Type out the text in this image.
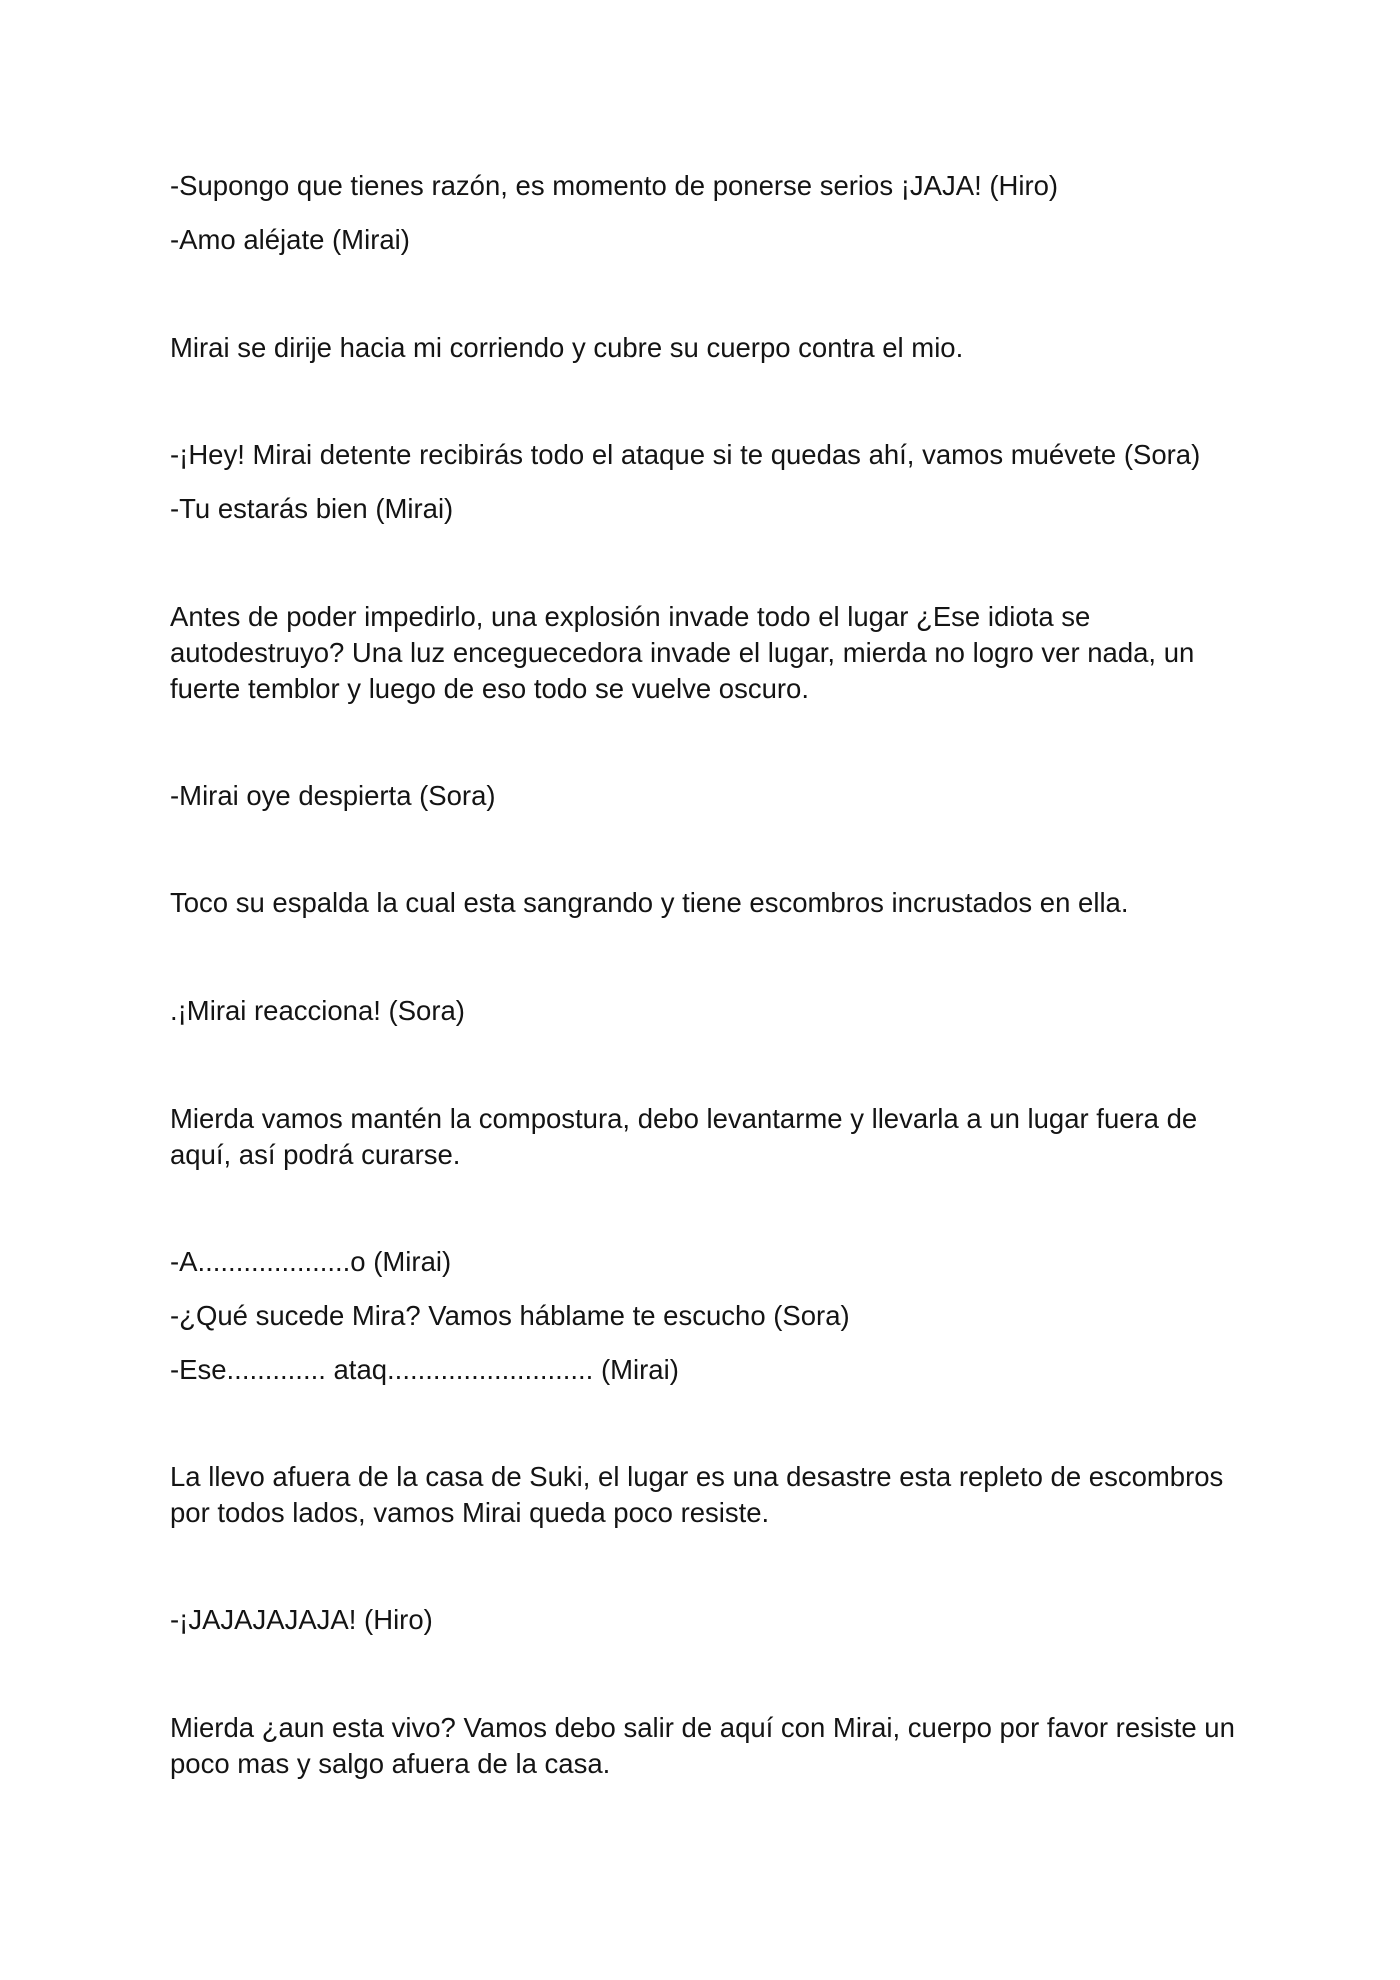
-Supongo que tienes razón, es momento de ponerse serios ¡JAJA! (Hiro)

-Amo aléjate (Mirai)

Mirai se dirije hacia mi corriendo y cubre su cuerpo contra el mio.

-¡Hey! Mirai detente recibirás todo el ataque si te quedas ahí, vamos muévete (Sora)

-Tu estarás bien (Mirai)

Antes de poder impedirlo, una explosión invade todo el lugar ¿Ese idiota se autodestruyo? Una luz enceguecedora invade el lugar, mierda no logro ver nada, un fuerte temblor y luego de eso todo se vuelve oscuro.

-Mirai oye despierta (Sora)

Toco su espalda la cual esta sangrando y tiene escombros incrustados en ella.

.¡Mirai reacciona! (Sora)

Mierda vamos mantén la compostura, debo levantarme y llevarla a un lugar fuera de aquí, así podrá curarse.

-A....................o (Mirai)

-¿Qué sucede Mira? Vamos háblame te escucho (Sora)

-Ese............. ataq........................... (Mirai)

La llevo afuera de la casa de Suki, el lugar es una desastre esta repleto de escombros por todos lados, vamos Mirai queda poco resiste.

-¡JAJAJAJAJA! (Hiro)

Mierda ¿aun esta vivo? Vamos debo salir de aquí con Mirai, cuerpo por favor resiste un poco mas y salgo afuera de la casa.
